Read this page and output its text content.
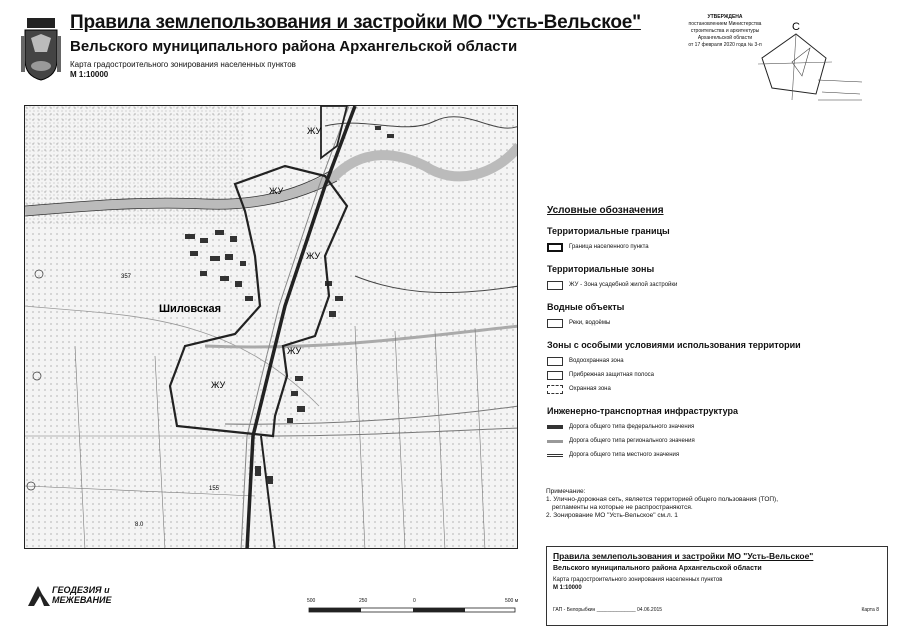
Правила землепользования и застройки МО "Усть-Вельское"
Вельского муниципального района Архангельской области
Карта градостроительного зонирования населенных пунктов
М 1:10000
УТВЕРЖДЕНА
постановлением Министерства
строительства и архитектуры
Архангельской области
от 17 февраля 2020 года № 3-п
С
ЖУ
ЖУ
ЖУ
ЖУ
ЖУ
Шиловская
357
8.0
155
Условные обозначения
Территориальные границы
Граница населенного пункта
Территориальные зоны
ЖУ - Зона усадебной жилой застройки
Водные объекты
Реки, водоёмы
Зоны с особыми условиями использования территории
Водоохранная зона
Прибрежная защитная полоса
Охранная зона
Инженерно-транспортная инфраструктура
Дорога общего типа федерального значения
Дорога общего типа регионального значения
Дорога общего типа местного значения
Примечание:
1. Улично-дорожная сеть, является территорией общего пользования (ТОП),
регламенты на которые не распространяются.
2. Зонирование МО "Усть-Вельское" см.л. 1
Правила землепользования и застройки МО "Усть-Вельское"
Вельского муниципального района Архангельской области
Карта градостроительного зонирования населенных пунктов
М 1:10000
ГАП - Белорыбкин ______________ 04.06.2015	Карта 8
ГЕОДЕЗИЯ и
МЕЖЕВАНИЕ	500	250	0	500 м
